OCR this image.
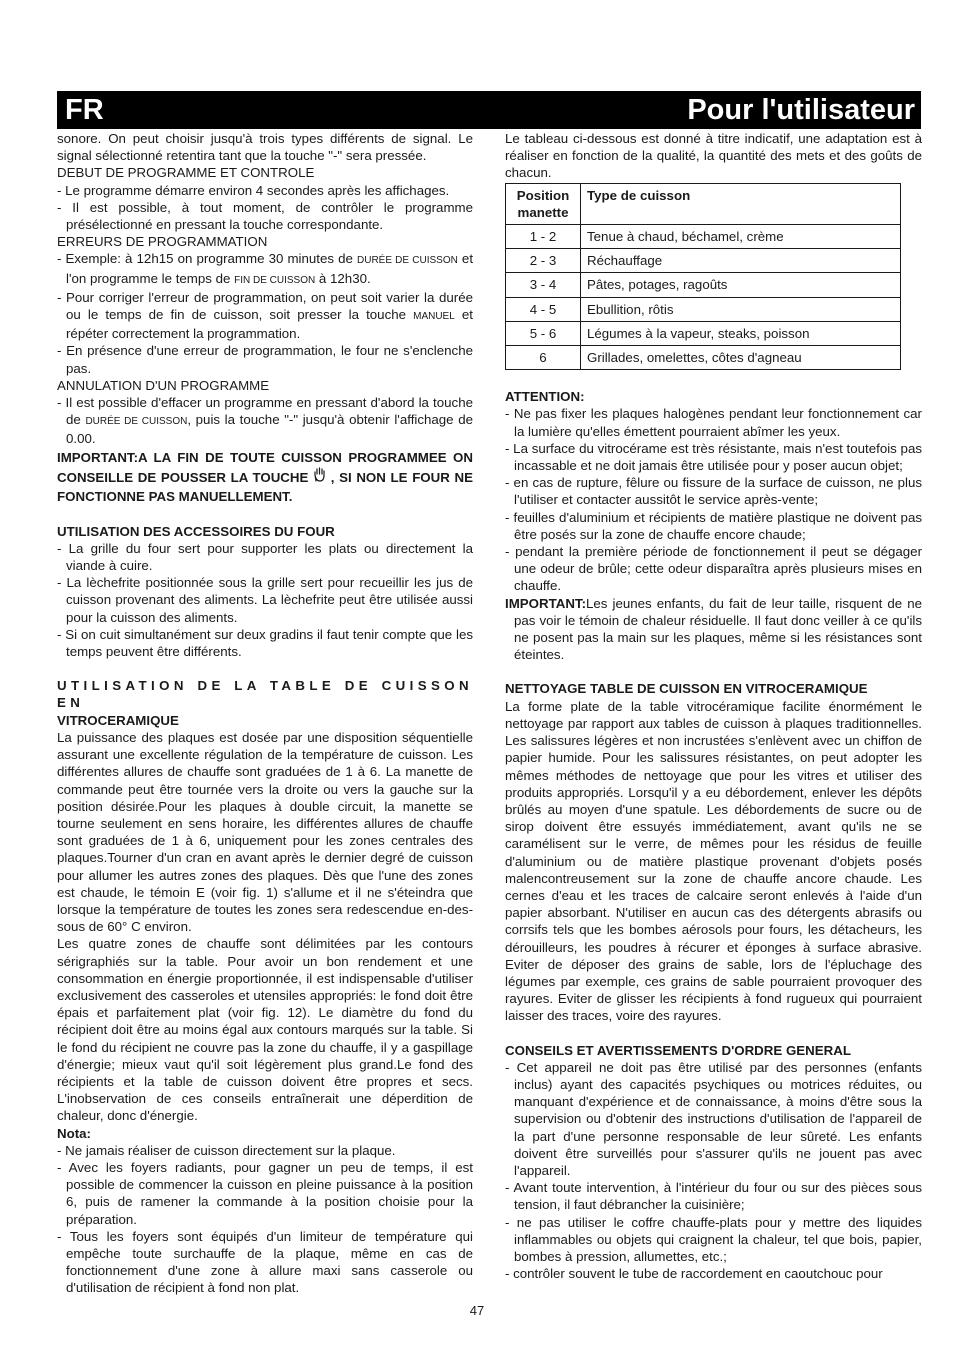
FR	Pour l'utilisateur

sonore. On peut choisir jusqu'à trois types différents de signal. Le signal sélectionné retentira tant que la touche "-" sera pressée.

DEBUT DE PROGRAMME ET CONTROLE

- Le programme démarre environ 4 secondes après les affichages.
- Il est possible, à tout moment, de contrôler le programme présélectionné en pressant la touche correspondante.

ERREURS DE PROGRAMMATION

- Exemple: à 12h15 on programme 30 minutes de DURÉE DE CUISSON et l'on programme le temps de FIN DE CUISSON à 12h30.
- Pour corriger l'erreur de programmation, on peut soit varier la durée ou le temps de fin de cuisson, soit presser la touche MANUEL et répéter correctement la programmation.
- En présence d'une erreur de programmation, le four ne s'enclenche pas.

ANNULATION D'UN PROGRAMME

- Il est possible d'effacer un programme en pressant d'abord la touche de DURÉE DE CUISSON, puis la touche "-" jusqu'à obtenir l'affichage de 0.00.

IMPORTANT:A LA FIN DE TOUTE CUISSON PROGRAMMEE ON CONSEILLE DE POUSSER LA TOUCHE  , SI NON LE FOUR NE FONCTIONNE PAS MANUELLEMENT.

UTILISATION DES ACCESSOIRES DU FOUR

- La grille du four sert pour supporter les plats ou directement la viande à cuire.
- La lèchefrite positionnée sous la grille sert pour recueillir les jus de cuisson provenant des aliments. La lèchefrite peut être utilisée aussi pour la cuisson des aliments.
- Si on cuit simultanément sur deux gradins il faut tenir compte que les temps peuvent être différents.

UTILISATION DE LA TABLE DE CUISSON EN

VITROCERAMIQUE

La puissance des plaques est dosée par une disposition séquentielle assurant une excellente régulation de la température de cuisson. Les différentes allures de chauffe sont graduées de 1 à 6. La manette de commande peut être tournée vers la droite ou vers la gauche sur la position désirée.Pour les plaques à double circuit, la manette se tourne seulement en sens horaire, les différentes allures de chauffe sont graduées de 1 à 6, uniquement pour les zones centrales des plaques.Tourner d'un cran en avant après le dernier degré de cuisson pour allumer les autres zones des plaques. Dès que l'une des zones est chaude, le témoin E (voir fig. 1) s'allume et il ne s'éteindra que lorsque la température de toutes les zones sera redescendue en-des-sous de 60° C environ.

Les quatre zones de chauffe sont délimitées par les contours sérigraphiés sur la table. Pour avoir un bon rendement et une consommation en énergie proportionnée, il est indispensable d'utiliser exclusivement des casseroles et utensiles appropriés: le fond doit être épais et parfaitement plat (voir fig. 12). Le diamètre du fond du récipient doit être au moins égal aux contours marqués sur la table. Si le fond du récipient ne couvre pas la zone du chauffe, il y a gaspillage d'énergie; mieux vaut qu'il soit légèrement plus grand.Le fond des récipients et la table de cuisson doivent être propres et secs. L'inobservation de ces conseils entraînerait une déperdition de chaleur, donc d'énergie.

Nota:

- Ne jamais réaliser de cuisson directement sur la plaque.
- Avec les foyers radiants, pour gagner un peu de temps, il est possible de commencer la cuisson en pleine puissance à la position 6, puis de ramener la commande à la position choisie pour la préparation.
- Tous les foyers sont équipés d'un limiteur de température qui empêche toute surchauffe de la plaque, même en cas de fonctionnement d'une zone à allure maxi sans casserole ou d'utilisation de récipient à fond non plat.

Le tableau ci-dessous est donné à titre indicatif, une adaptation est à réaliser en fonction de la qualité, la quantité des mets et des goûts de chacun.

Position manette	Type de cuisson
1 - 2	Tenue à chaud, béchamel, crème
2 - 3	Réchauffage
3 - 4	Pâtes, potages, ragoûts
4 - 5	Ebullition, rôtis
5 - 6	Légumes à la vapeur, steaks, poisson
6	Grillades, omelettes, côtes d'agneau

ATTENTION:

- Ne pas fixer les plaques halogènes pendant leur fonctionnement car la lumière qu'elles émettent pourraient abîmer les yeux.
- La surface du vitrocérame est très résistante, mais n'est toutefois pas incassable et ne doit jamais être utilisée pour y poser aucun objet;
- en cas de rupture, fêlure ou fissure de la surface de cuisson, ne plus l'utiliser et contacter aussitôt le service après-vente;
- feuilles d'aluminium et récipients de matière plastique ne doivent pas être posés sur la zone de chauffe encore chaude;
- pendant la première période de fonctionnement il peut se dégager une odeur de brûle; cette odeur disparaîtra après plusieurs mises en chauffe.

IMPORTANT:Les jeunes enfants, du fait de leur taille, risquent de ne pas voir le témoin de chaleur résiduelle. Il faut donc veiller à ce qu'ils ne posent pas la main sur les plaques, même si les résistances sont éteintes.

NETTOYAGE TABLE DE CUISSON EN VITROCERAMIQUE

La forme plate de la table vitrocéramique facilite énormément le nettoyage par rapport aux tables de cuisson à plaques traditionnelles. Les salissures légères et non incrustées s'enlèvent avec un chiffon de papier humide. Pour les salissures résistantes, on peut adopter les mêmes méthodes de nettoyage que pour les vitres et utiliser des produits appropriés. Lorsqu'il y a eu débordement, enlever les dépôts brûlés au moyen d'une spatule. Les débordements de sucre ou de sirop doivent être essuyés immédiatement, avant qu'ils ne se caramélisent sur le verre, de mêmes pour les résidus de feuille d'aluminium ou de matière plastique provenant d'objets posés malencontreusement sur la zone de chauffe ancore chaude. Les cernes d'eau et les traces de calcaire seront enlevés à l'aide d'un papier absorbant. N'utiliser en aucun cas des détergents abrasifs ou corrsifs tels que les bombes aérosols pour fours, les détacheurs, les dérouilleurs, les poudres à récurer et éponges à surface abrasive. Eviter de déposer des grains de sable, lors de l'épluchage des légumes par exemple, ces grains de sable pourraient provoquer des rayures. Eviter de glisser les récipients à fond rugueux qui pourraient laisser des traces, voire des rayures.

CONSEILS ET AVERTISSEMENTS D'ORDRE GENERAL

- Cet appareil ne doit pas être utilisé par des personnes (enfants inclus) ayant des capacités psychiques ou motrices réduites, ou manquant d'expérience et de connaissance, à moins d'être sous la supervision ou d'obtenir des instructions d'utilisation de l'appareil de la part d'une personne responsable de leur sûreté. Les enfants doivent être surveillés pour s'assurer qu'ils ne jouent pas avec l'appareil.
- Avant toute intervention, à l'intérieur du four ou sur des pièces sous tension, il faut débrancher la cuisinière;
- ne pas utiliser le coffre chauffe-plats pour y mettre des liquides inflammables ou objets qui craignent la chaleur, tel que bois, papier, bombes à pression, allumettes, etc.;
- contrôler souvent le tube de raccordement en caoutchouc pour
47
